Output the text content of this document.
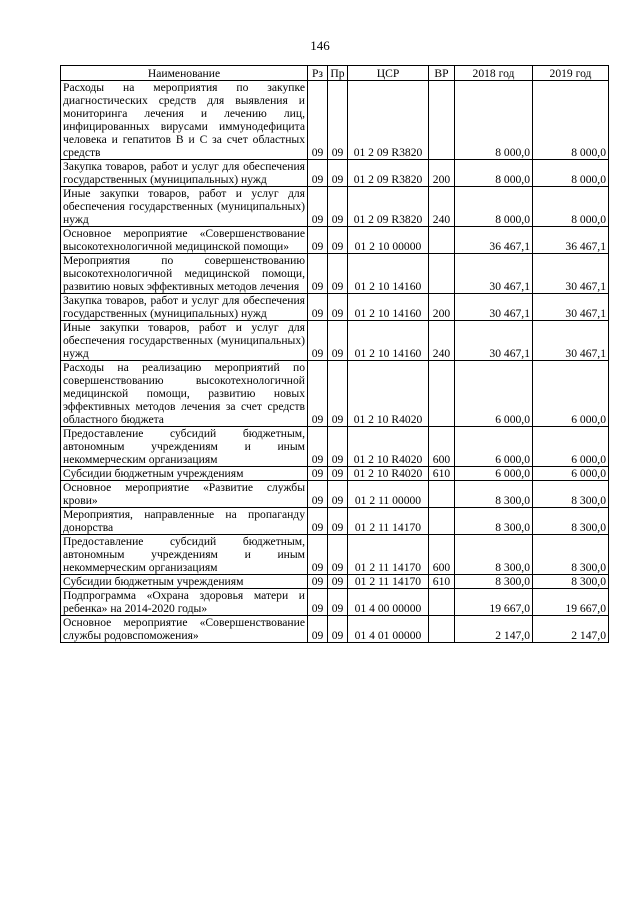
146
Наименование	Рз	Пр	ЦСР	ВР	2018 год	2019 год
Расходы на мероприятия по закупке диагностических средств для выявления и мониторинга лечения и лечению лиц, инфицированных вирусами иммунодефицита человека и гепатитов В и С за счет областных средств	09	09	01 2 09 R3820		8 000,0	8 000,0
Закупка товаров, работ и услуг для обеспечения государственных (муниципальных) нужд	09	09	01 2 09 R3820	200	8 000,0	8 000,0
Иные закупки товаров, работ и услуг для обеспечения государственных (муниципальных) нужд	09	09	01 2 09 R3820	240	8 000,0	8 000,0
Основное мероприятие «Совершенствование высокотехнологичной медицинской помощи»	09	09	01 2 10 00000		36 467,1	36 467,1
Мероприятия по совершенствованию высокотехнологичной медицинской помощи, развитию новых эффективных методов лечения	09	09	01 2 10 14160		30 467,1	30 467,1
Закупка товаров, работ и услуг для обеспечения государственных (муниципальных) нужд	09	09	01 2 10 14160	200	30 467,1	30 467,1
Иные закупки товаров, работ и услуг для обеспечения государственных (муниципальных) нужд	09	09	01 2 10 14160	240	30 467,1	30 467,1
Расходы на реализацию мероприятий по совершенствованию высокотехнологичной медицинской помощи, развитию новых эффективных методов лечения за счет средств областного бюджета	09	09	01 2 10 R4020		6 000,0	6 000,0
Предоставление субсидий бюджетным, автономным учреждениям и иным некоммерческим организациям	09	09	01 2 10 R4020	600	6 000,0	6 000,0
Субсидии бюджетным учреждениям	09	09	01 2 10 R4020	610	6 000,0	6 000,0
Основное мероприятие «Развитие службы крови»	09	09	01 2 11 00000		8 300,0	8 300,0
Мероприятия, направленные на пропаганду донорства	09	09	01 2 11 14170		8 300,0	8 300,0
Предоставление субсидий бюджетным, автономным учреждениям и иным некоммерческим организациям	09	09	01 2 11 14170	600	8 300,0	8 300,0
Субсидии бюджетным учреждениям	09	09	01 2 11 14170	610	8 300,0	8 300,0
Подпрограмма «Охрана здоровья матери и ребенка» на 2014-2020 годы»	09	09	01 4 00 00000		19 667,0	19 667,0
Основное мероприятие «Совершенствование службы родовспоможения»	09	09	01 4 01 00000		2 147,0	2 147,0
